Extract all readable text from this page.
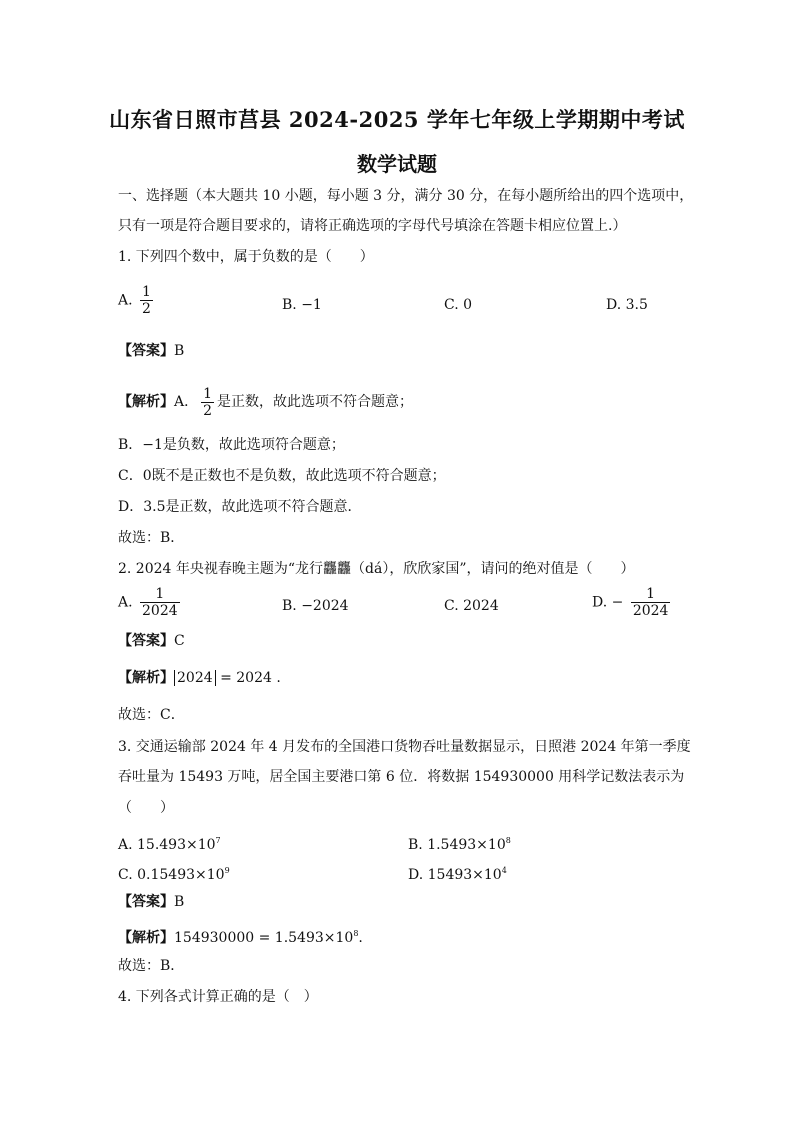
山东省日照市莒县 2024-2025 学年七年级上学期期中考试
数学试题
一、选择题（本大题共 10 小题，每小题 3 分，满分 30 分，在每小题所给出的四个选项中，
只有一项是符合题目要求的，请将正确选项的字母代号填涂在答题卡相应位置上.）
1. 下列四个数中，属于负数的是（　　）
A. $\frac{1}{2}$	B. −1	C. 0	D. 3.5
【答案】B
【解析】A． $\frac{1}{2}$ 是正数，故此选项不符合题意；
B．−1是负数，故此选项符合题意；
C．0既不是正数也不是负数，故此选项不符合题意；
D．3.5是正数，故此选项不符合题意．
故选：B．
2. 2024 年央视春晚主题为“龙行龘龘（dá），欣欣家国”，请问的绝对值是（　　）
A. $\frac{1}{2024}$	B. −2024	C. 2024	D. − $\frac{1}{2024}$
【答案】C
【解析】 2024 = 2024 .
故选：C．
3. 交通运输部 2024 年 4 月发布的全国港口货物吞吐量数据显示，日照港 2024 年第一季度
吞吐量为 15493 万吨，居全国主要港口第 6 位．将数据 154930000 用科学记数法表示为
（　　）
A. $15.493\times 10^7$	B. $1.5493\times 10^8$
C. $0.15493\times 10^9$	D. $15493\times 10^4$
【答案】B
【解析】$154930000 = 1.5493\times 10^8$.
故选：B．
4. 下列各式计算正确的是（　）
